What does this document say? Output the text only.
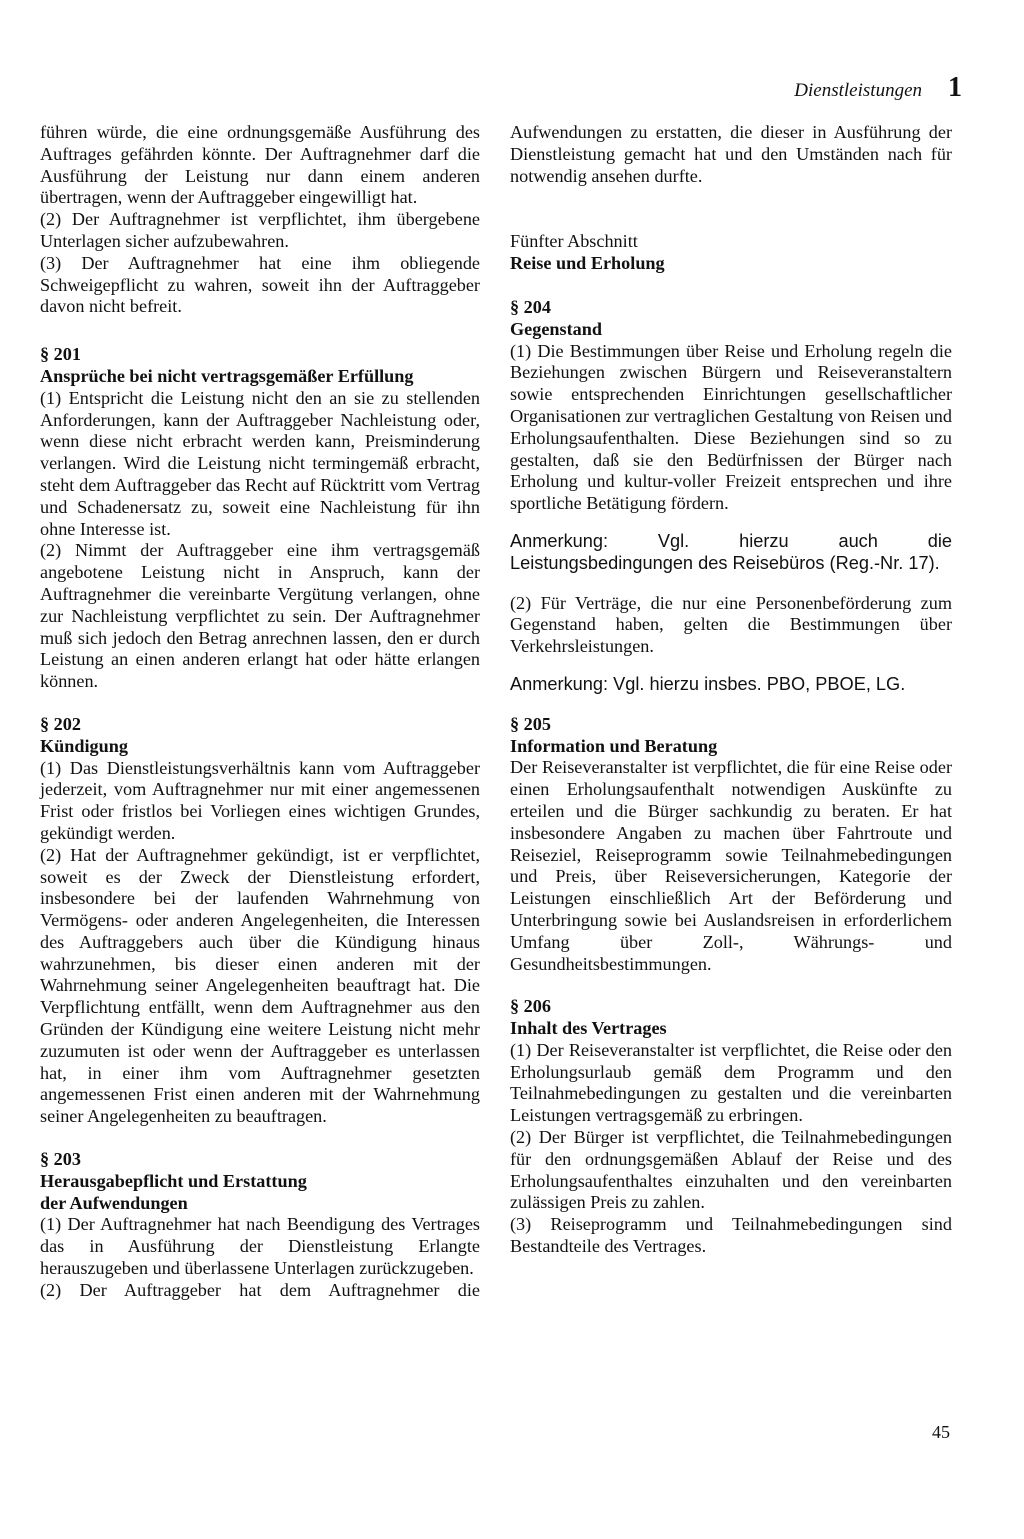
Dienstleistungen 1

führen würde, die eine ordnungsgemäße Ausführung des Auftrages gefährden könnte. Der Auftragnehmer darf die Ausführung der Leistung nur dann einem anderen übertragen, wenn der Auftraggeber eingewilligt hat.

(2) Der Auftragnehmer ist verpflichtet, ihm übergebene Unterlagen sicher aufzubewahren.

(3) Der Auftragnehmer hat eine ihm obliegende Schweigepflicht zu wahren, soweit ihn der Auftraggeber davon nicht befreit.

§ 201
Ansprüche bei nicht vertragsgemäßer Erfüllung

(1) Entspricht die Leistung nicht den an sie zu stellenden Anforderungen, kann der Auftraggeber Nachleistung oder, wenn diese nicht erbracht werden kann, Preisminderung verlangen. Wird die Leistung nicht termingemäß erbracht, steht dem Auftraggeber das Recht auf Rücktritt vom Vertrag und Schadenersatz zu, soweit eine Nachleistung für ihn ohne Interesse ist.

(2) Nimmt der Auftraggeber eine ihm vertragsgemäß angebotene Leistung nicht in Anspruch, kann der Auftragnehmer die vereinbarte Vergütung verlangen, ohne zur Nachleistung verpflichtet zu sein. Der Auftragnehmer muß sich jedoch den Betrag anrechnen lassen, den er durch Leistung an einen anderen erlangt hat oder hätte erlangen können.

§ 202
Kündigung

(1) Das Dienstleistungsverhältnis kann vom Auftraggeber jederzeit, vom Auftragnehmer nur mit einer angemessenen Frist oder fristlos bei Vorliegen eines wichtigen Grundes, gekündigt werden.

(2) Hat der Auftragnehmer gekündigt, ist er verpflichtet, soweit es der Zweck der Dienstleistung erfordert, insbesondere bei der laufenden Wahrnehmung von Vermögens- oder anderen Angelegenheiten, die Interessen des Auftraggebers auch über die Kündigung hinaus wahrzunehmen, bis dieser einen anderen mit der Wahrnehmung seiner Angelegenheiten beauftragt hat. Die Verpflichtung entfällt, wenn dem Auftragnehmer aus den Gründen der Kündigung eine weitere Leistung nicht mehr zuzumuten ist oder wenn der Auftraggeber es unterlassen hat, in einer ihm vom Auftragnehmer gesetzten angemessenen Frist einen anderen mit der Wahrnehmung seiner Angelegenheiten zu beauftragen.

§ 203
Herausgabepflicht und Erstattung
der Aufwendungen

(1) Der Auftragnehmer hat nach Beendigung des Vertrages das in Ausführung der Dienstleistung Erlangte herauszugeben und überlassene Unterlagen zurückzugeben.

(2) Der Auftraggeber hat dem Auftragnehmer die

Aufwendungen zu erstatten, die dieser in Ausführung der Dienstleistung gemacht hat und den Umständen nach für notwendig ansehen durfte.

Fünfter Abschnitt
Reise und Erholung
§ 204
Gegenstand

(1) Die Bestimmungen über Reise und Erholung regeln die Beziehungen zwischen Bürgern und Reiseveranstaltern sowie entsprechenden Einrichtungen gesellschaftlicher Organisationen zur vertraglichen Gestaltung von Reisen und Erholungsaufenthalten. Diese Beziehungen sind so zu gestalten, daß sie den Bedürfnissen der Bürger nach Erholung und kultur-voller Freizeit entsprechen und ihre sportliche Betätigung fördern.

Anmerkung: Vgl. hierzu auch die Leistungsbedingungen des Reisebüros (Reg.-Nr. 17).

(2) Für Verträge, die nur eine Personenbeförderung zum Gegenstand haben, gelten die Bestimmungen über Verkehrsleistungen.

Anmerkung: Vgl. hierzu insbes. PBO, PBOE, LG.

§ 205
Information und Beratung

Der Reiseveranstalter ist verpflichtet, die für eine Reise oder einen Erholungsaufenthalt notwendigen Auskünfte zu erteilen und die Bürger sachkundig zu beraten. Er hat insbesondere Angaben zu machen über Fahrtroute und Reiseziel, Reiseprogramm sowie Teilnahmebedingungen und Preis, über Reiseversicherungen, Kategorie der Leistungen einschließlich Art der Beförderung und Unterbringung sowie bei Auslandsreisen in erforderlichem Umfang über Zoll-, Währungs- und Gesundheitsbestimmungen.

§ 206
Inhalt des Vertrages

(1) Der Reiseveranstalter ist verpflichtet, die Reise oder den Erholungsurlaub gemäß dem Programm und den Teilnahmebedingungen zu gestalten und die vereinbarten Leistungen vertragsgemäß zu erbringen.

(2) Der Bürger ist verpflichtet, die Teilnahmebedingungen für den ordnungsgemäßen Ablauf der Reise und des Erholungsaufenthaltes einzuhalten und den vereinbarten zulässigen Preis zu zahlen.

(3) Reiseprogramm und Teilnahmebedingungen sind Bestandteile des Vertrages.

45
